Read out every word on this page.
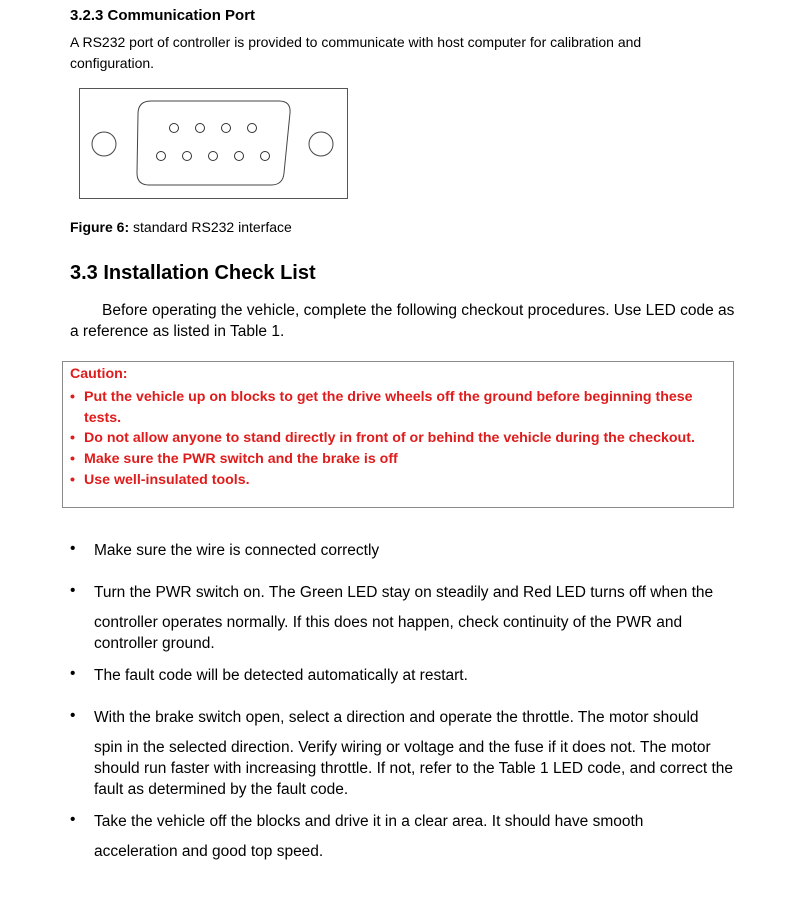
3.2.3 Communication Port
A RS232 port of controller is provided to communicate with host computer for calibration and configuration.
Figure 6: standard RS232 interface
3.3 Installation Check List
Before operating the vehicle, complete the following checkout procedures. Use LED code as a reference as listed in Table 1.
Caution:
• Put the vehicle up on blocks to get the drive wheels off the ground before beginning these tests.
• Do not allow anyone to stand directly in front of or behind the vehicle during the checkout.
• Make sure the PWR switch and the brake is off
• Use well-insulated tools.
• Make sure the wire is connected correctly
• Turn the PWR switch on. The Green LED stay on steadily and Red LED turns off when the
controller operates normally. If this does not happen, check continuity of the PWR and controller ground.
• The fault code will be detected automatically at restart.
• With the brake switch open, select a direction and operate the throttle. The motor should
spin in the selected direction. Verify wiring or voltage and the fuse if it does not. The motor should run faster with increasing throttle. If not, refer to the Table 1 LED code, and correct the fault as determined by the fault code.
• Take the vehicle off the blocks and drive it in a clear area. It should have smooth
acceleration and good top speed.
